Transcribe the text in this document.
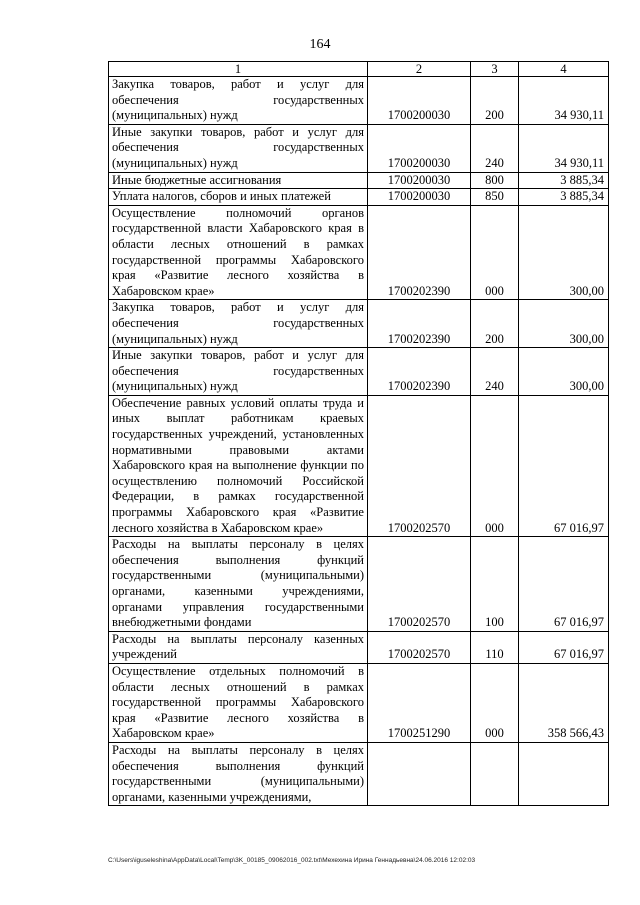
164
1	2	3	4
Закупка товаров, работ и услуг для обеспечения государственных (муниципальных) нужд	1700200030	200	34 930,11
Иные закупки товаров, работ и услуг для обеспечения государственных (муниципальных) нужд	1700200030	240	34 930,11
Иные бюджетные ассигнования	1700200030	800	3 885,34
Уплата налогов, сборов и иных платежей	1700200030	850	3 885,34
Осуществление полномочий органов государственной власти Хабаровского края в области лесных отношений в рамках государственной программы Хабаровского края «Развитие лесного хозяйства в Хабаровском крае»	1700202390	000	300,00
Закупка товаров, работ и услуг для обеспечения государственных (муниципальных) нужд	1700202390	200	300,00
Иные закупки товаров, работ и услуг для обеспечения государственных (муниципальных) нужд	1700202390	240	300,00
Обеспечение равных условий оплаты труда и иных выплат работникам краевых государственных учреждений, установленных нормативными правовыми актами Хабаровского края на выполнение функции по осуществлению полномочий Российской Федерации, в рамках государственной программы Хабаровского края «Развитие лесного хозяйства в Хабаровском крае»	1700202570	000	67 016,97
Расходы на выплаты персоналу в целях обеспечения выполнения функций государственными (муниципальными) органами, казенными учреждениями, органами управления государственными внебюджетными фондами	1700202570	100	67 016,97
Расходы на выплаты персоналу казенных учреждений	1700202570	110	67 016,97
Осуществление отдельных полномочий в области лесных отношений в рамках государственной программы Хабаровского края «Развитие лесного хозяйства в Хабаровском крае»	1700251290	000	358 566,43
Расходы на выплаты персоналу в целях обеспечения выполнения функций государственными (муниципальными) органами, казенными учреждениями,			
C:\Users\iguseleshina\AppData\Local\Temp\3K_00185_09062016_002.txt\Мехехина Ирина Геннадьевна\24.06.2016 12:02:03
